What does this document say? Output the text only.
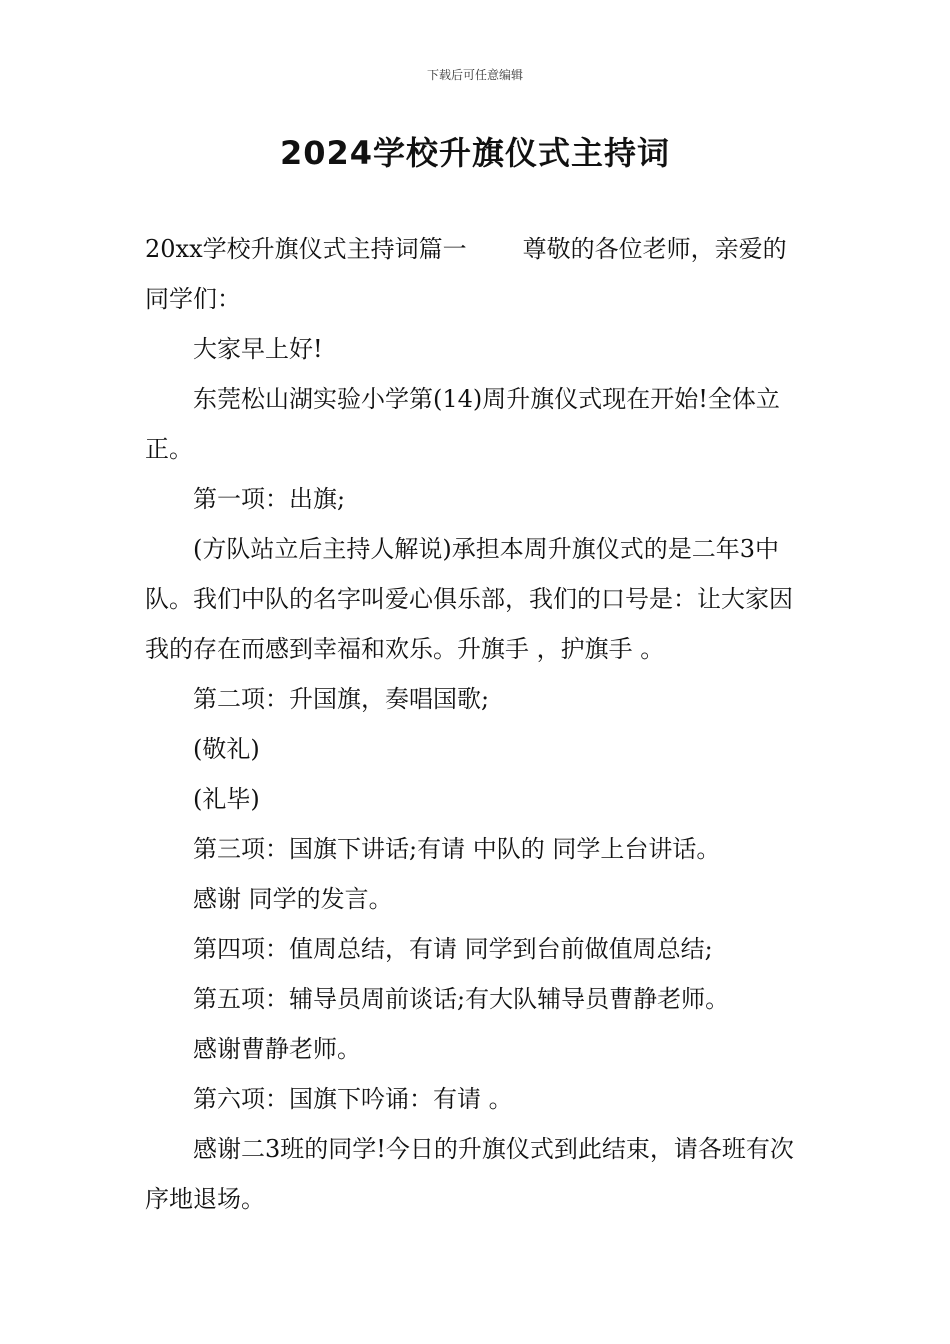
下载后可任意编辑
2024学校升旗仪式主持词

20xx学校升旗仪式主持词篇一 尊敬的各位老师，亲爱的同学们：

大家早上好!

东莞松山湖实验小学第(14)周升旗仪式现在开始!全体立正。

第一项：出旗;

(方队站立后主持人解说)承担本周升旗仪式的是二年3中队。我们中队的名字叫爱心俱乐部，我们的口号是：让大家因我的存在而感到幸福和欢乐。升旗手 ，护旗手 。

第二项：升国旗，奏唱国歌;

(敬礼)

(礼毕)

第三项：国旗下讲话;有请 中队的 同学上台讲话。

感谢 同学的发言。

第四项：值周总结，有请 同学到台前做值周总结;

第五项：辅导员周前谈话;有大队辅导员曹静老师。

感谢曹静老师。

第六项：国旗下吟诵：有请 。

感谢二3班的同学!今日的升旗仪式到此结束，请各班有次序地退场。
